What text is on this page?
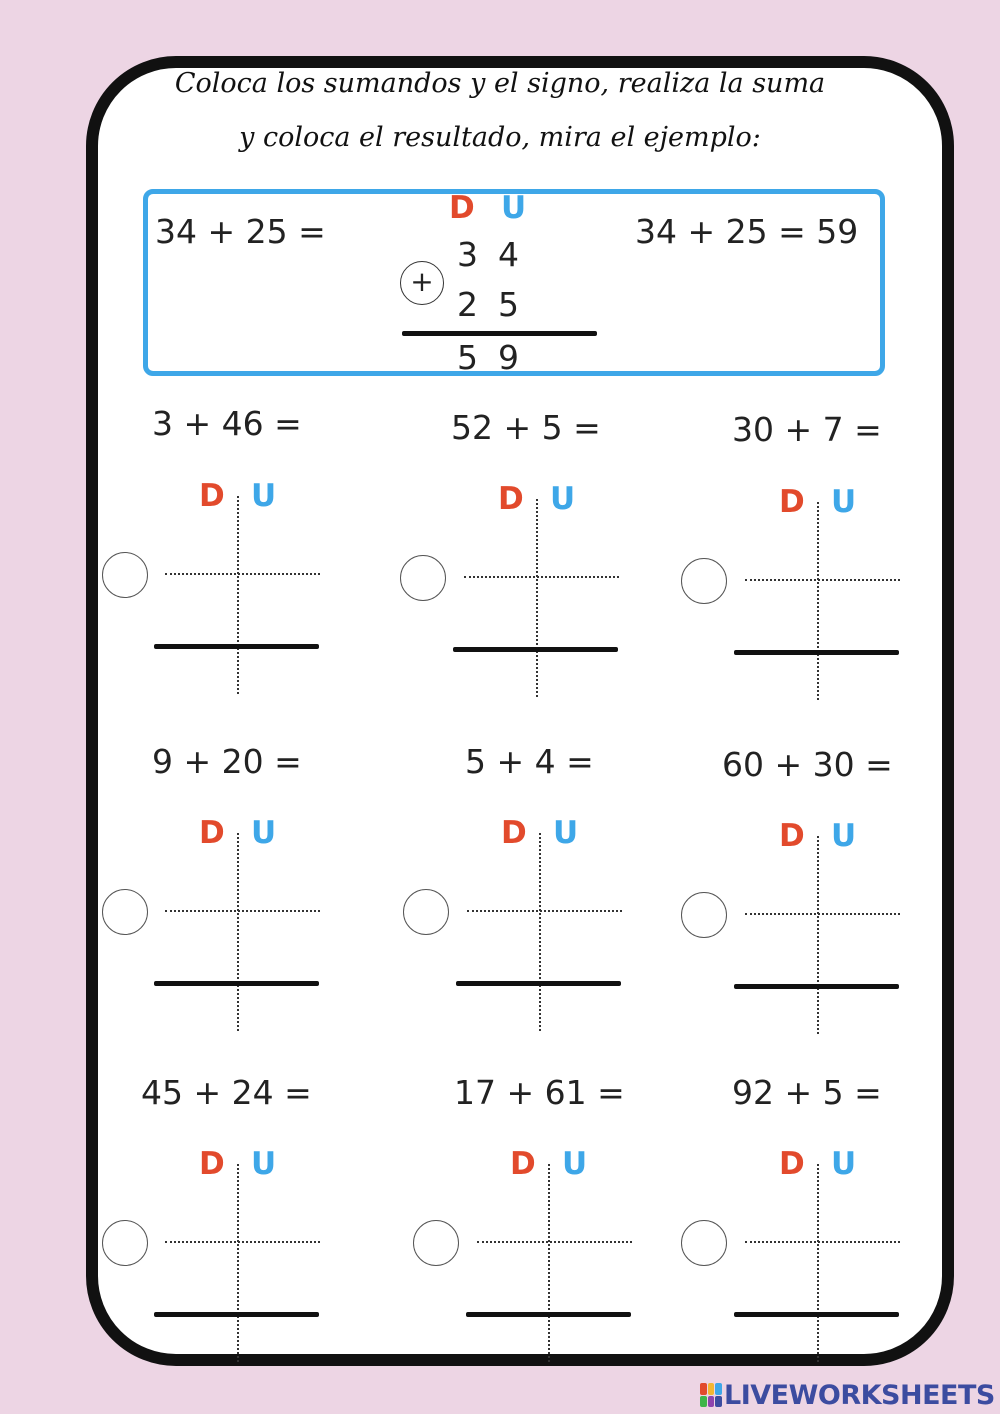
Coloca los sumandos y el signo, realiza la suma
y coloca el resultado, mira el ejemplo:
34 + 25 =
D U
3 4
+
2 5
5 9
34 + 25 = 59
3 + 46 =
D U
52 + 5 =
D U
30 + 7 =
D U
9 + 20 =
D U
5 + 4 =
D U
60 + 30 =
D U
45 + 24 =
D U
17 + 61 =
D U
92 + 5 =
D U
LIVEWORKSHEETS
